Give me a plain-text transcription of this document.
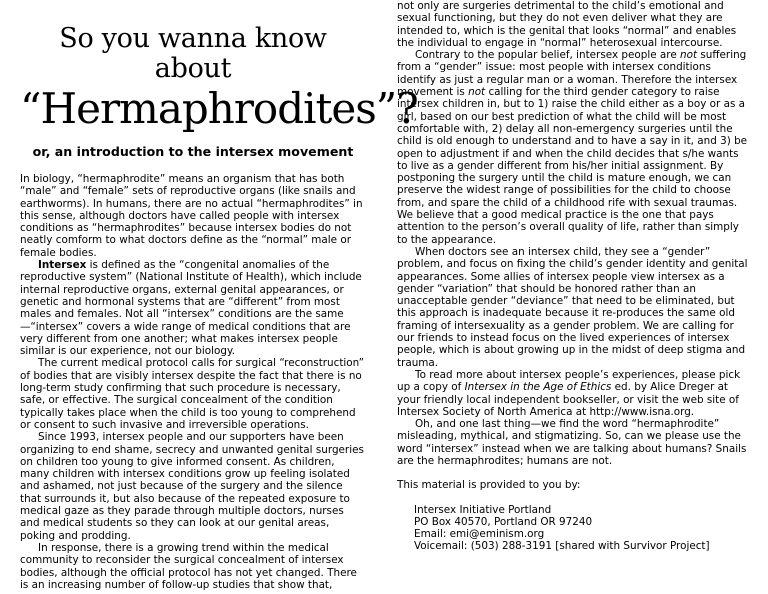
So you wanna know about
“Hermaphrodites”?
or, an introduction to the intersex movement

In biology, “hermaphrodite” means an organism that has both “male” and “female” sets of reproductive organs (like snails and earthworms). In humans, there are no actual “hermaphrodites” in this sense, although doctors have called people with intersex conditions as “hermaphrodites” because intersex bodies do not neatly comform to what doctors define as the “normal” male or female bodies.

Intersex is defined as the “congenital anomalies of the reproductive system” (National Institute of Health), which include internal reproductive organs, external genital appearances, or genetic and hormonal systems that are “different” from most males and females. Not all “intersex” conditions are the same—“intersex” covers a wide range of medical conditions that are very different from one another; what makes intersex people similar is our experience, not our biology.

The current medical protocol calls for surgical “reconstruction” of bodies that are visibly intersex despite the fact that there is no long-term study confirming that such procedure is necessary, safe, or effective. The surgical concealment of the condition typically takes place when the child is too young to comprehend or consent to such invasive and irreversible operations.

Since 1993, intersex people and our supporters have been organizing to end shame, secrecy and unwanted genital surgeries on children too young to give informed consent. As children, many children with intersex conditions grow up feeling isolated and ashamed, not just because of the surgery and the silence that surrounds it, but also because of the repeated exposure to medical gaze as they parade through multiple doctors, nurses and medical students so they can look at our genital areas, poking and prodding.

In response, there is a growing trend within the medical community to reconsider the surgical concealment of intersex bodies, although the official protocol has not yet changed. There is an increasing number of follow-up studies that show that,

not only are surgeries detrimental to the child’s emotional and sexual functioning, but they do not even deliver what they are intended to, which is the genital that looks “normal” and enables the individual to engage in “normal” heterosexual intercourse.

Contrary to the popular belief, intersex people are not suffering from a “gender” issue: most people with intersex conditions identify as just a regular man or a woman. Therefore the intersex movement is not calling for the third gender category to raise intersex children in, but to 1) raise the child either as a boy or as a girl, based on our best prediction of what the child will be most comfortable with, 2) delay all non-emergency surgeries until the child is old enough to understand and to have a say in it, and 3) be open to adjustment if and when the child decides that s/he wants to live as a gender different from his/her initial assignment. By postponing the surgery until the child is mature enough, we can preserve the widest range of possibilities for the child to choose from, and spare the child of a childhood rife with sexual traumas. We believe that a good medical practice is the one that pays attention to the person’s overall quality of life, rather than simply to the appearance.

When doctors see an intersex child, they see a “gender” problem, and focus on fixing the child’s gender identity and genital appearances. Some allies of intersex people view intersex as a gender “variation” that should be honored rather than an unacceptable gender “deviance” that need to be eliminated, but this approach is inadequate because it re-produces the same old framing of intersexuality as a gender problem. We are calling for our friends to instead focus on the lived experiences of intersex people, which is about growing up in the midst of deep stigma and trauma.

To read more about intersex people’s experiences, please pick up a copy of Intersex in the Age of Ethics ed. by Alice Dreger at your friendly local independent bookseller, or visit the web site of Intersex Society of North America at http://www.isna.org.

Oh, and one last thing—we find the word “hermaphrodite” misleading, mythical, and stigmatizing. So, can we please use the word “intersex” instead when we are talking about humans? Snails are the hermaphrodites; humans are not.

This material is provided to you by:

Intersex Initiative Portland
PO Box 40570, Portland OR 97240
Email: emi@eminism.org
Voicemail: (503) 288-3191 [shared with Survivor Project]
